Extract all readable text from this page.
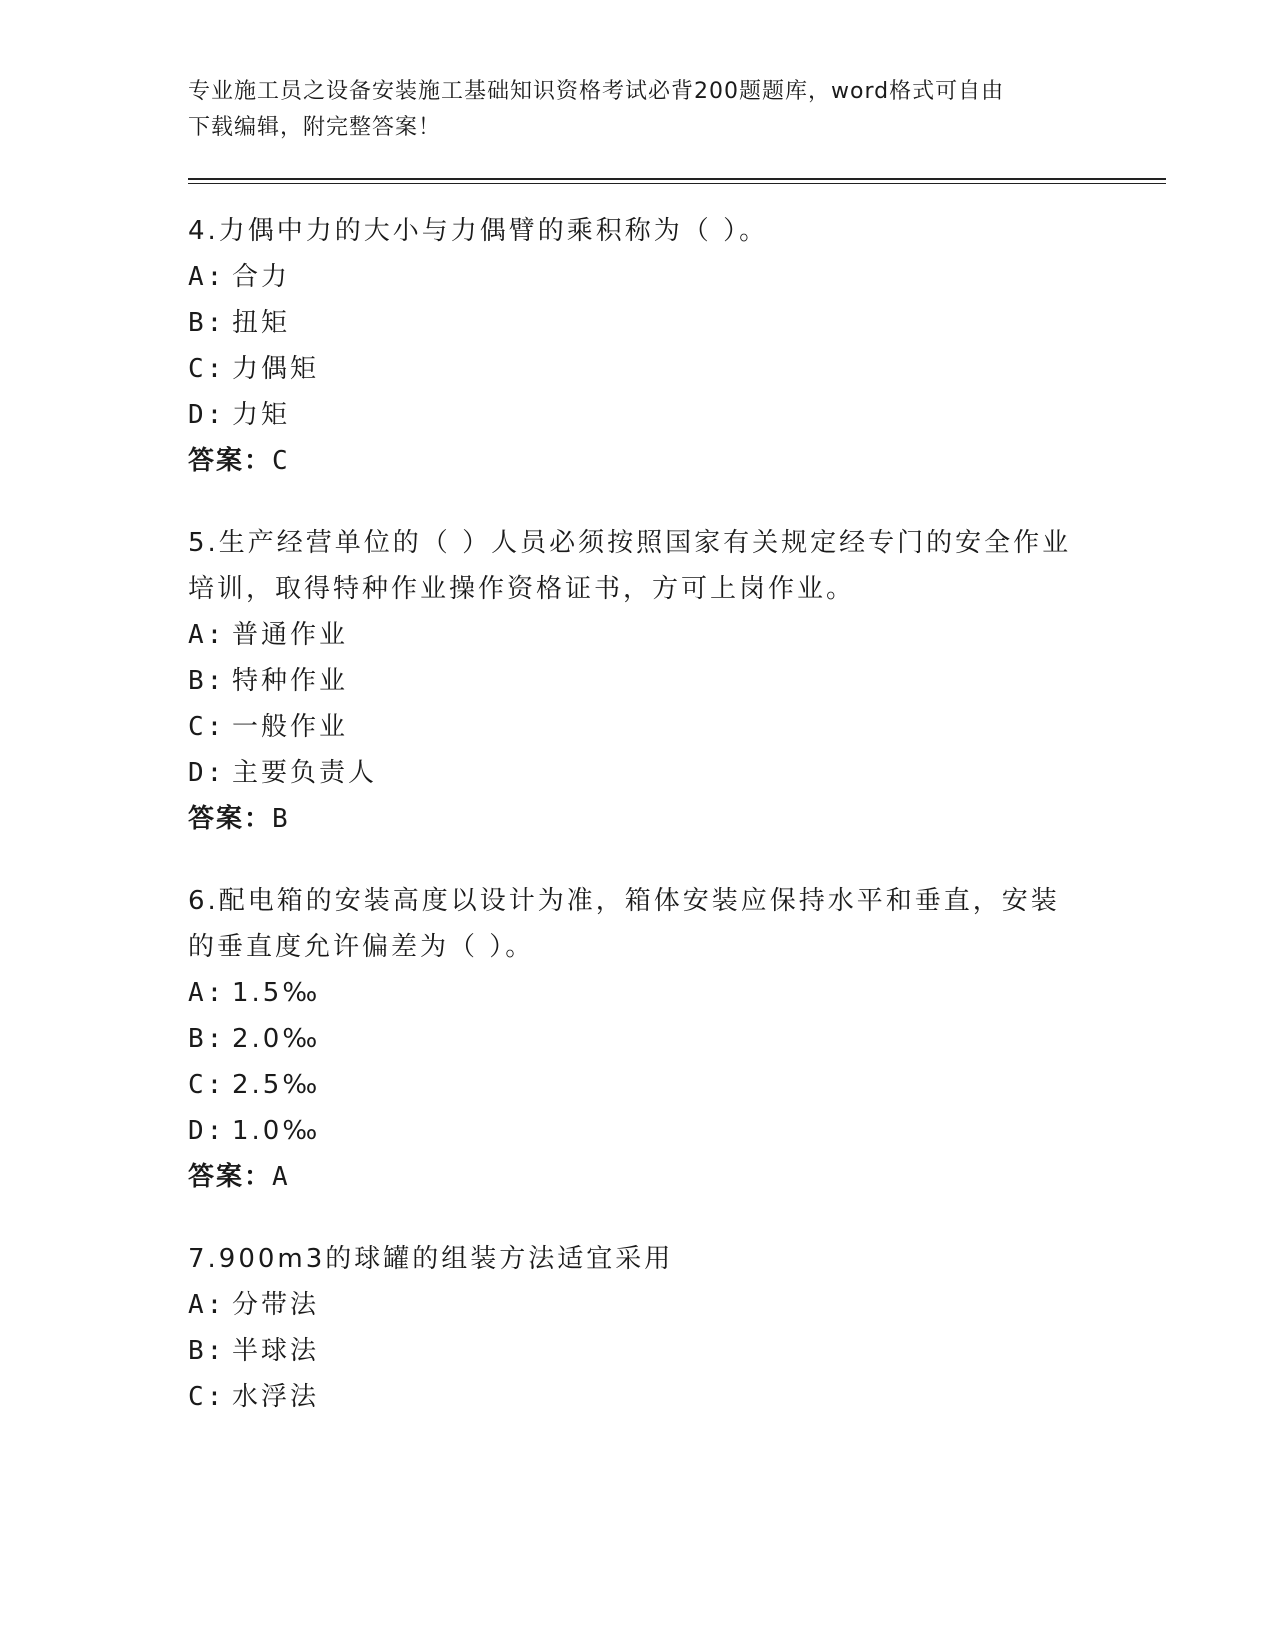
专业施工员之设备安装施工基础知识资格考试必背200题题库，word格式可自由
下载编辑，附完整答案！
4.力偶中力的大小与力偶臂的乘积称为（ ）。
A: 合力
B: 扭矩
C: 力偶矩
D: 力矩
答案：C
5.生产经营单位的（ ）人员必须按照国家有关规定经专门的安全作业
培训，取得特种作业操作资格证书，方可上岗作业。
A: 普通作业
B: 特种作业
C: 一般作业
D: 主要负责人
答案：B
6.配电箱的安装高度以设计为准，箱体安装应保持水平和垂直，安装
的垂直度允许偏差为（ ）。
A: 1.5‰
B: 2.0‰
C: 2.5‰
D: 1.0‰
答案：A
7.900m3的球罐的组装方法适宜采用
A: 分带法
B: 半球法
C: 水浮法
